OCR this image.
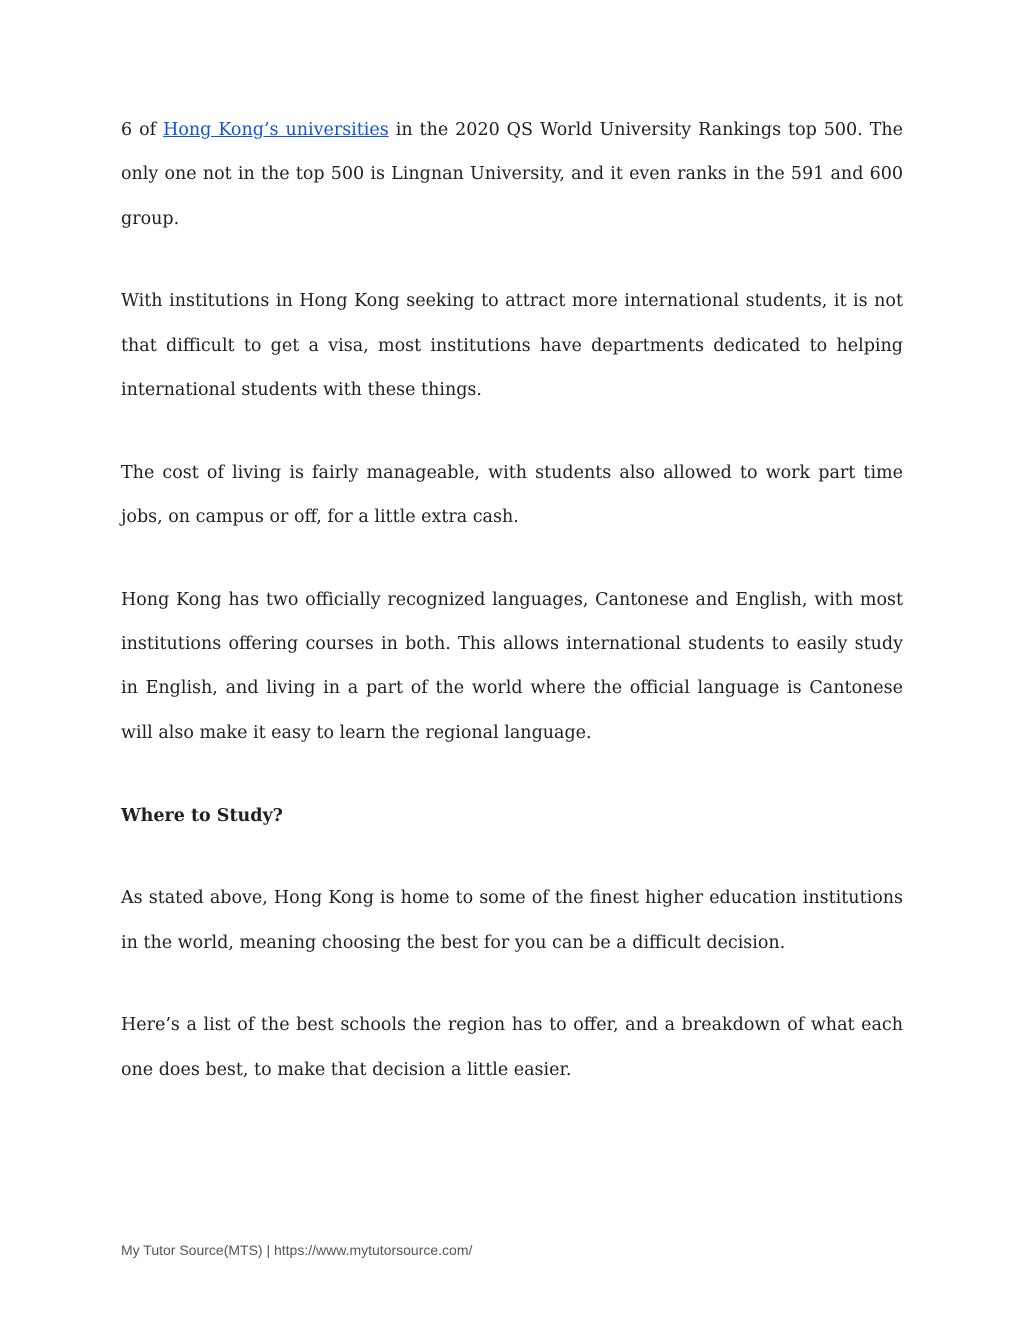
6 of Hong Kong’s universities in the 2020 QS World University Rankings top 500. The only one not in the top 500 is Lingnan University, and it even ranks in the 591 and 600 group.

With institutions in Hong Kong seeking to attract more international students, it is not that difficult to get a visa, most institutions have departments dedicated to helping international students with these things.

The cost of living is fairly manageable, with students also allowed to work part time jobs, on campus or off, for a little extra cash.

Hong Kong has two officially recognized languages, Cantonese and English, with most institutions offering courses in both. This allows international students to easily study in English, and living in a part of the world where the official language is Cantonese will also make it easy to learn the regional language.

Where to Study?

As stated above, Hong Kong is home to some of the finest higher education institutions in the world, meaning choosing the best for you can be a difficult decision.

Here’s a list of the best schools the region has to offer, and a breakdown of what each one does best, to make that decision a little easier.

My Tutor Source(MTS) | https://www.mytutorsource.com/
